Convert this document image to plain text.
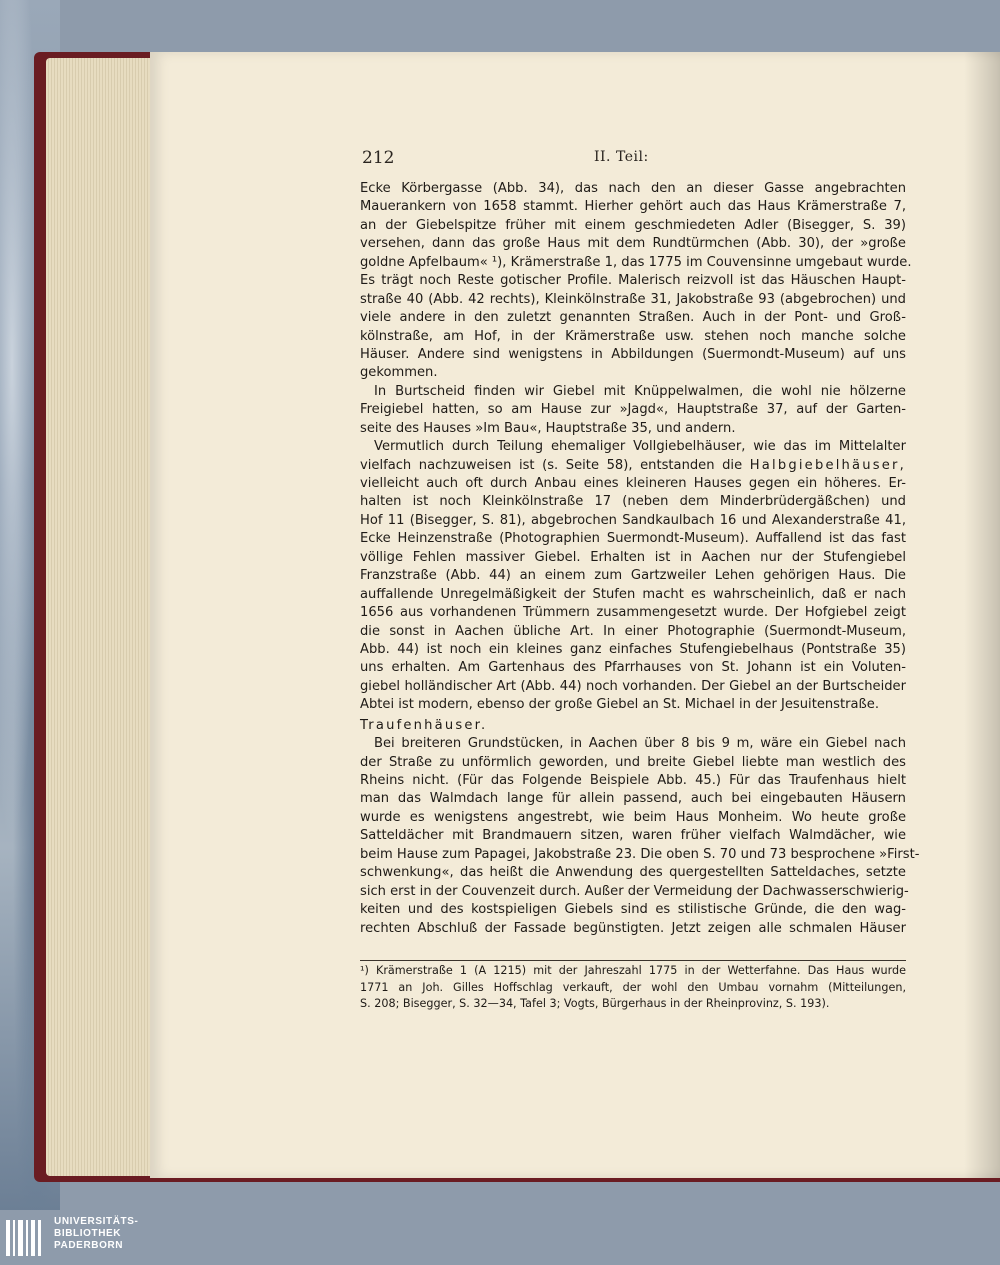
212	II. Teil:
Ecke Körbergasse (Abb. 34), das nach den an dieser Gasse angebrachten
Mauerankern von 1658 stammt. Hierher gehört auch das Haus Krämerstraße 7,
an der Giebelspitze früher mit einem geschmiedeten Adler (Bisegger, S. 39)
versehen, dann das große Haus mit dem Rundtürmchen (Abb. 30), der »große
goldne Apfelbaum« ¹), Krämerstraße 1, das 1775 im Couvensinne umgebaut wurde.
Es trägt noch Reste gotischer Profile. Malerisch reizvoll ist das Häuschen Haupt-
straße 40 (Abb. 42 rechts), Kleinkölnstraße 31, Jakobstraße 93 (abgebrochen) und
viele andere in den zuletzt genannten Straßen. Auch in der Pont- und Groß-
kölnstraße, am Hof, in der Krämerstraße usw. stehen noch manche solche
Häuser. Andere sind wenigstens in Abbildungen (Suermondt-Museum) auf uns
gekommen.
In Burtscheid finden wir Giebel mit Knüppelwalmen, die wohl nie hölzerne
Freigiebel hatten, so am Hause zur »Jagd«, Hauptstraße 37, auf der Garten-
seite des Hauses »Im Bau«, Hauptstraße 35, und andern.
Vermutlich durch Teilung ehemaliger Vollgiebelhäuser, wie das im Mittelalter
vielfach nachzuweisen ist (s. Seite 58), entstanden die Halbgiebelhäuser,
vielleicht auch oft durch Anbau eines kleineren Hauses gegen ein höheres. Er-
halten ist noch Kleinkölnstraße 17 (neben dem Minderbrüdergäßchen) und
Hof 11 (Bisegger, S. 81), abgebrochen Sandkaulbach 16 und Alexanderstraße 41,
Ecke Heinzenstraße (Photographien Suermondt-Museum). Auffallend ist das fast
völlige Fehlen massiver Giebel. Erhalten ist in Aachen nur der Stufengiebel
Franzstraße (Abb. 44) an einem zum Gartzweiler Lehen gehörigen Haus. Die
auffallende Unregelmäßigkeit der Stufen macht es wahrscheinlich, daß er nach
1656 aus vorhandenen Trümmern zusammengesetzt wurde. Der Hofgiebel zeigt
die sonst in Aachen übliche Art. In einer Photographie (Suermondt-Museum,
Abb. 44) ist noch ein kleines ganz einfaches Stufengiebelhaus (Pontstraße 35)
uns erhalten. Am Gartenhaus des Pfarrhauses von St. Johann ist ein Voluten-
giebel holländischer Art (Abb. 44) noch vorhanden. Der Giebel an der Burtscheider
Abtei ist modern, ebenso der große Giebel an St. Michael in der Jesuitenstraße.
Traufenhäuser.
Bei breiteren Grundstücken, in Aachen über 8 bis 9 m, wäre ein Giebel nach
der Straße zu unförmlich geworden, und breite Giebel liebte man westlich des
Rheins nicht. (Für das Folgende Beispiele Abb. 45.) Für das Traufenhaus hielt
man das Walmdach lange für allein passend, auch bei eingebauten Häusern
wurde es wenigstens angestrebt, wie beim Haus Monheim. Wo heute große
Satteldächer mit Brandmauern sitzen, waren früher vielfach Walmdächer, wie
beim Hause zum Papagei, Jakobstraße 23. Die oben S. 70 und 73 besprochene »First-
schwenkung«, das heißt die Anwendung des quergestellten Satteldaches, setzte
sich erst in der Couvenzeit durch. Außer der Vermeidung der Dachwasserschwierig-
keiten und des kostspieligen Giebels sind es stilistische Gründe, die den wag-
rechten Abschluß der Fassade begünstigten. Jetzt zeigen alle schmalen Häuser
¹) Krämerstraße 1 (A 1215) mit der Jahreszahl 1775 in der Wetterfahne. Das Haus wurde
1771 an Joh. Gilles Hoffschlag verkauft, der wohl den Umbau vornahm (Mitteilungen,
S. 208; Bisegger, S. 32—34, Tafel 3; Vogts, Bürgerhaus in der Rheinprovinz, S. 193).
UNIVERSITÄTS-
BIBLIOTHEK
PADERBORN
